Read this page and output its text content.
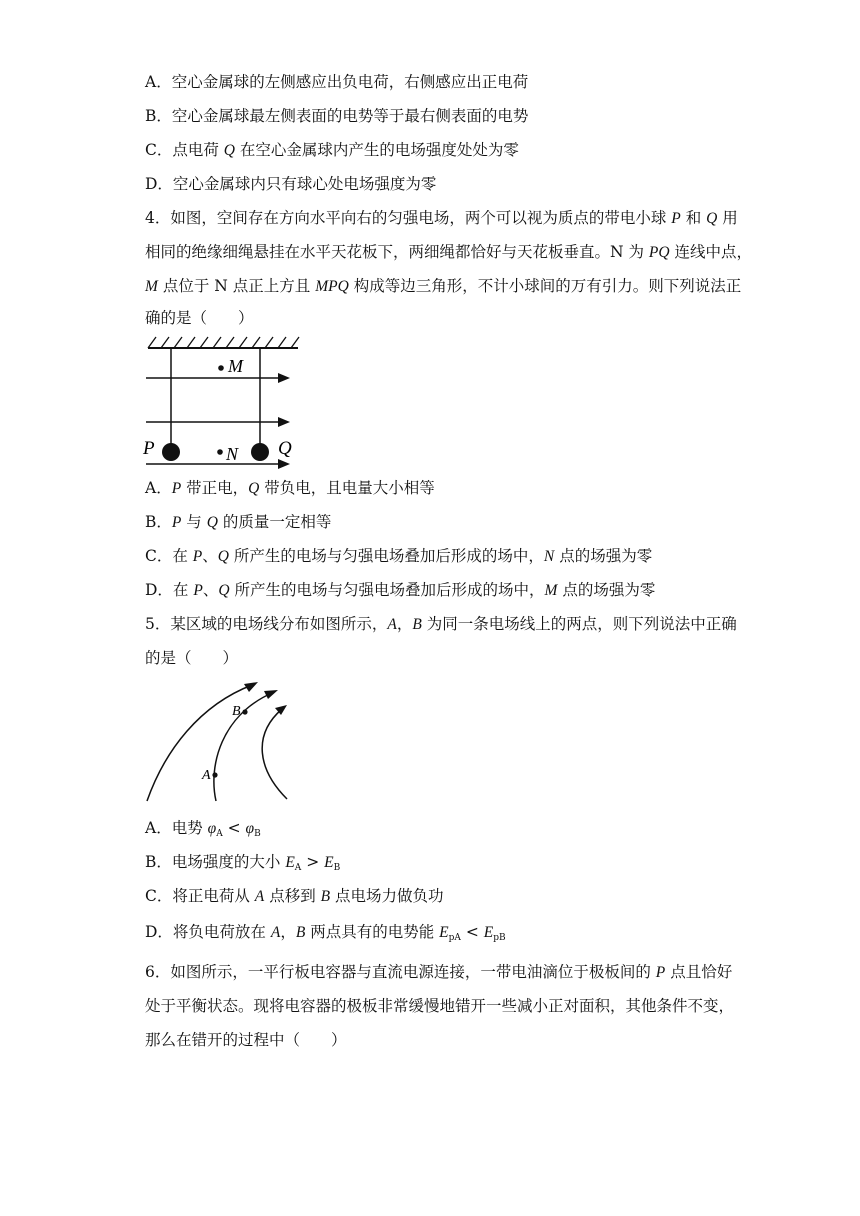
A．空心金属球的左侧感应出负电荷，右侧感应出正电荷
B．空心金属球最左侧表面的电势等于最右侧表面的电势
C．点电荷 Q 在空心金属球内产生的电场强度处处为零
D．空心金属球内只有球心处电场强度为零
4．如图，空间存在方向水平向右的匀强电场，两个可以视为质点的带电小球 P 和 Q 用
相同的绝缘细绳悬挂在水平天花板下，两细绳都恰好与天花板垂直。N 为 PQ 连线中点，
M 点位于 N 点正上方且 MPQ 构成等边三角形，不计小球间的万有引力。则下列说法正
确的是（　　）
M
P	Q
N
A．P 带正电，Q 带负电，且电量大小相等
B．P 与 Q 的质量一定相等
C．在 P、Q 所产生的电场与匀强电场叠加后形成的场中，N 点的场强为零
D．在 P、Q 所产生的电场与匀强电场叠加后形成的场中，M 点的场强为零
5．某区域的电场线分布如图所示，A，B 为同一条电场线上的两点，则下列说法中正确
的是（　　）
B
A
A．电势 $\varphi_A < \varphi_B$
B．电场强度的大小 $E_A > E_B$
C．将正电荷从 A 点移到 B 点电场力做负功
D．将负电荷放在 A，B 两点具有的电势能 $E_{pA} < E_{pB}$
6．如图所示，一平行板电容器与直流电源连接，一带电油滴位于极板间的 P 点且恰好
处于平衡状态。现将电容器的极板非常缓慢地错开一些减小正对面积，其他条件不变，
那么在错开的过程中（　　）
